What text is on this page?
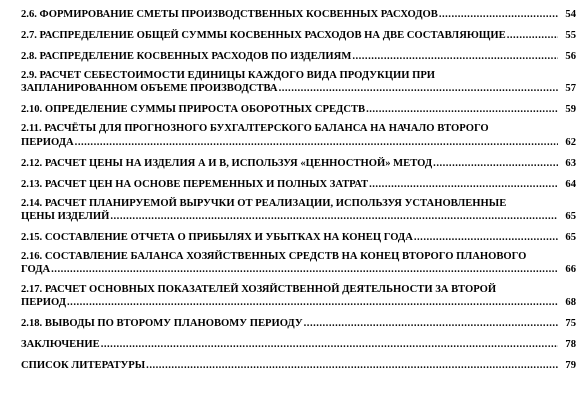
2.6. ФОРМИРОВАНИЕ СМЕТЫ ПРОИЗВОДСТВЕННЫХ КОСВЕННЫХ РАСХОДОВ .....	54
2.7. РАСПРЕДЕЛЕНИЕ ОБЩЕЙ СУММЫ КОСВЕННЫХ РАСХОДОВ НА ДВЕ СОСТАВЛЯЮЩИЕ .....	55
2.8. РАСПРЕДЕЛЕНИЕ КОСВЕННЫХ РАСХОДОВ ПО ИЗДЕЛИЯМ .....	56
2.9. РАСЧЕТ СЕБЕСТОИМОСТИ ЕДИНИЦЫ КАЖДОГО ВИДА ПРОДУКЦИИ ПРИ
ЗАПЛАНИРОВАННОМ ОБЪЕМЕ ПРОИЗВОДСТВА .....	57
2.10. ОПРЕДЕЛЕНИЕ СУММЫ ПРИРОСТА ОБОРОТНЫХ СРЕДСТВ .....	59
2.11. РАСЧЁТЫ ДЛЯ ПРОГНОЗНОГО БУХГАЛТЕРСКОГО БАЛАНСА НА НАЧАЛО ВТОРОГО
ПЕРИОДА .....	62
2.12. РАСЧЕТ ЦЕНЫ НА ИЗДЕЛИЯ А И В, ИСПОЛЬЗУЯ «ЦЕННОСТНОЙ» МЕТОД .....	63
2.13. РАСЧЕТ ЦЕН НА ОСНОВЕ ПЕРЕМЕННЫХ И ПОЛНЫХ ЗАТРАТ .....	64
2.14. РАСЧЕТ ПЛАНИРУЕМОЙ ВЫРУЧКИ ОТ РЕАЛИЗАЦИИ, ИСПОЛЬЗУЯ УСТАНОВЛЕННЫЕ
ЦЕНЫ ИЗДЕЛИЙ .....	65
2.15. СОСТАВЛЕНИЕ ОТЧЕТА О ПРИБЫЛЯХ И УБЫТКАХ НА КОНЕЦ ГОДА .....	65
2.16. СОСТАВЛЕНИЕ БАЛАНСА ХОЗЯЙСТВЕННЫХ СРЕДСТВ НА КОНЕЦ ВТОРОГО ПЛАНОВОГО
ГОДА .....	66
2.17. РАСЧЕТ ОСНОВНЫХ ПОКАЗАТЕЛЕЙ ХОЗЯЙСТВЕННОЙ ДЕЯТЕЛЬНОСТИ ЗА ВТОРОЙ
ПЕРИОД .....	68
2.18. ВЫВОДЫ ПО ВТОРОМУ ПЛАНОВОМУ ПЕРИОДУ .....	75
ЗАКЛЮЧЕНИЕ .....	78
СПИСОК ЛИТЕРАТУРЫ .....	79
